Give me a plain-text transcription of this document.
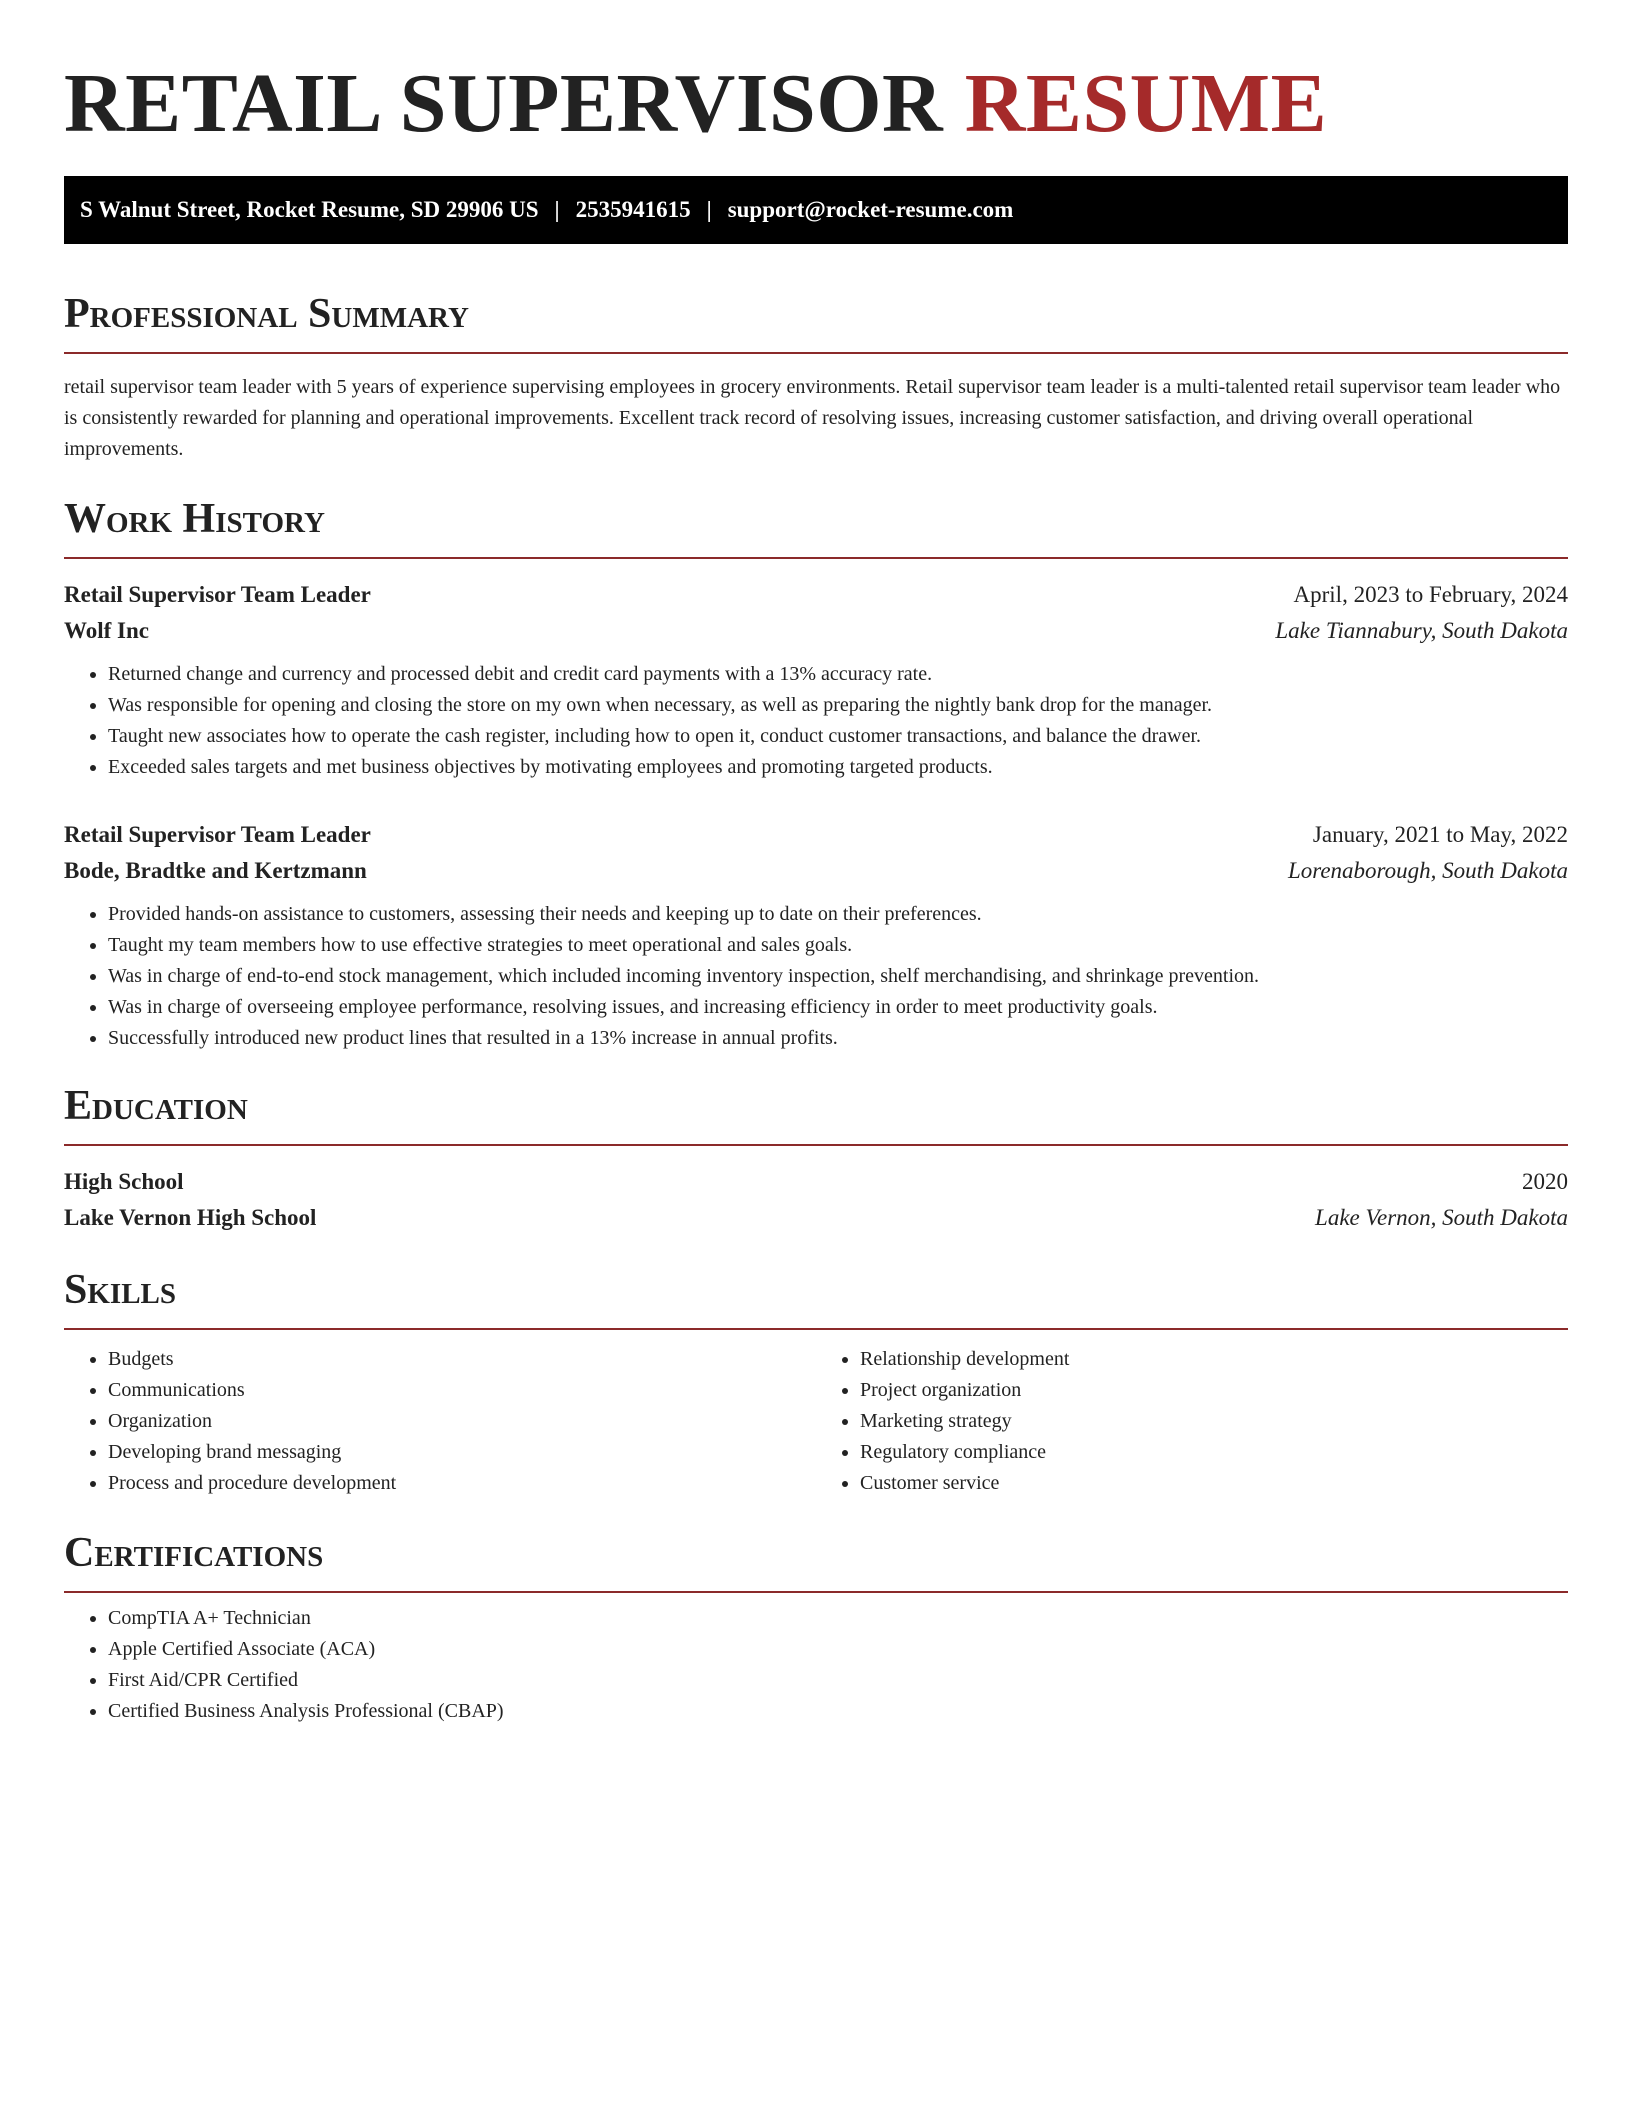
RETAIL SUPERVISOR RESUME
S Walnut Street, Rocket Resume, SD 29906 US | 2535941615 | support@rocket-resume.com
Professional Summary

retail supervisor team leader with 5 years of experience supervising employees in grocery environments. Retail supervisor team leader is a multi-talented retail supervisor team leader who is consistently rewarded for planning and operational improvements. Excellent track record of resolving issues, increasing customer satisfaction, and driving overall operational improvements.

Work History
Retail Supervisor Team Leader	April, 2023 to February, 2024
Wolf Inc	Lake Tiannabury, South Dakota
• Returned change and currency and processed debit and credit card payments with a 13% accuracy rate.
• Was responsible for opening and closing the store on my own when necessary, as well as preparing the nightly bank drop for the manager.
• Taught new associates how to operate the cash register, including how to open it, conduct customer transactions, and balance the drawer.
• Exceeded sales targets and met business objectives by motivating employees and promoting targeted products.
Retail Supervisor Team Leader	January, 2021 to May, 2022
Bode, Bradtke and Kertzmann	Lorenaborough, South Dakota
• Provided hands-on assistance to customers, assessing their needs and keeping up to date on their preferences.
• Taught my team members how to use effective strategies to meet operational and sales goals.
• Was in charge of end-to-end stock management, which included incoming inventory inspection, shelf merchandising, and shrinkage prevention.
• Was in charge of overseeing employee performance, resolving issues, and increasing efficiency in order to meet productivity goals.
• Successfully introduced new product lines that resulted in a 13% increase in annual profits.
Education
High School	2020
Lake Vernon High School	Lake Vernon, South Dakota
Skills
• Budgets
• Communications
• Organization
• Developing brand messaging
• Process and procedure development
• Relationship development
• Project organization
• Marketing strategy
• Regulatory compliance
• Customer service
Certifications
• CompTIA A+ Technician
• Apple Certified Associate (ACA)
• First Aid/CPR Certified
• Certified Business Analysis Professional (CBAP)
